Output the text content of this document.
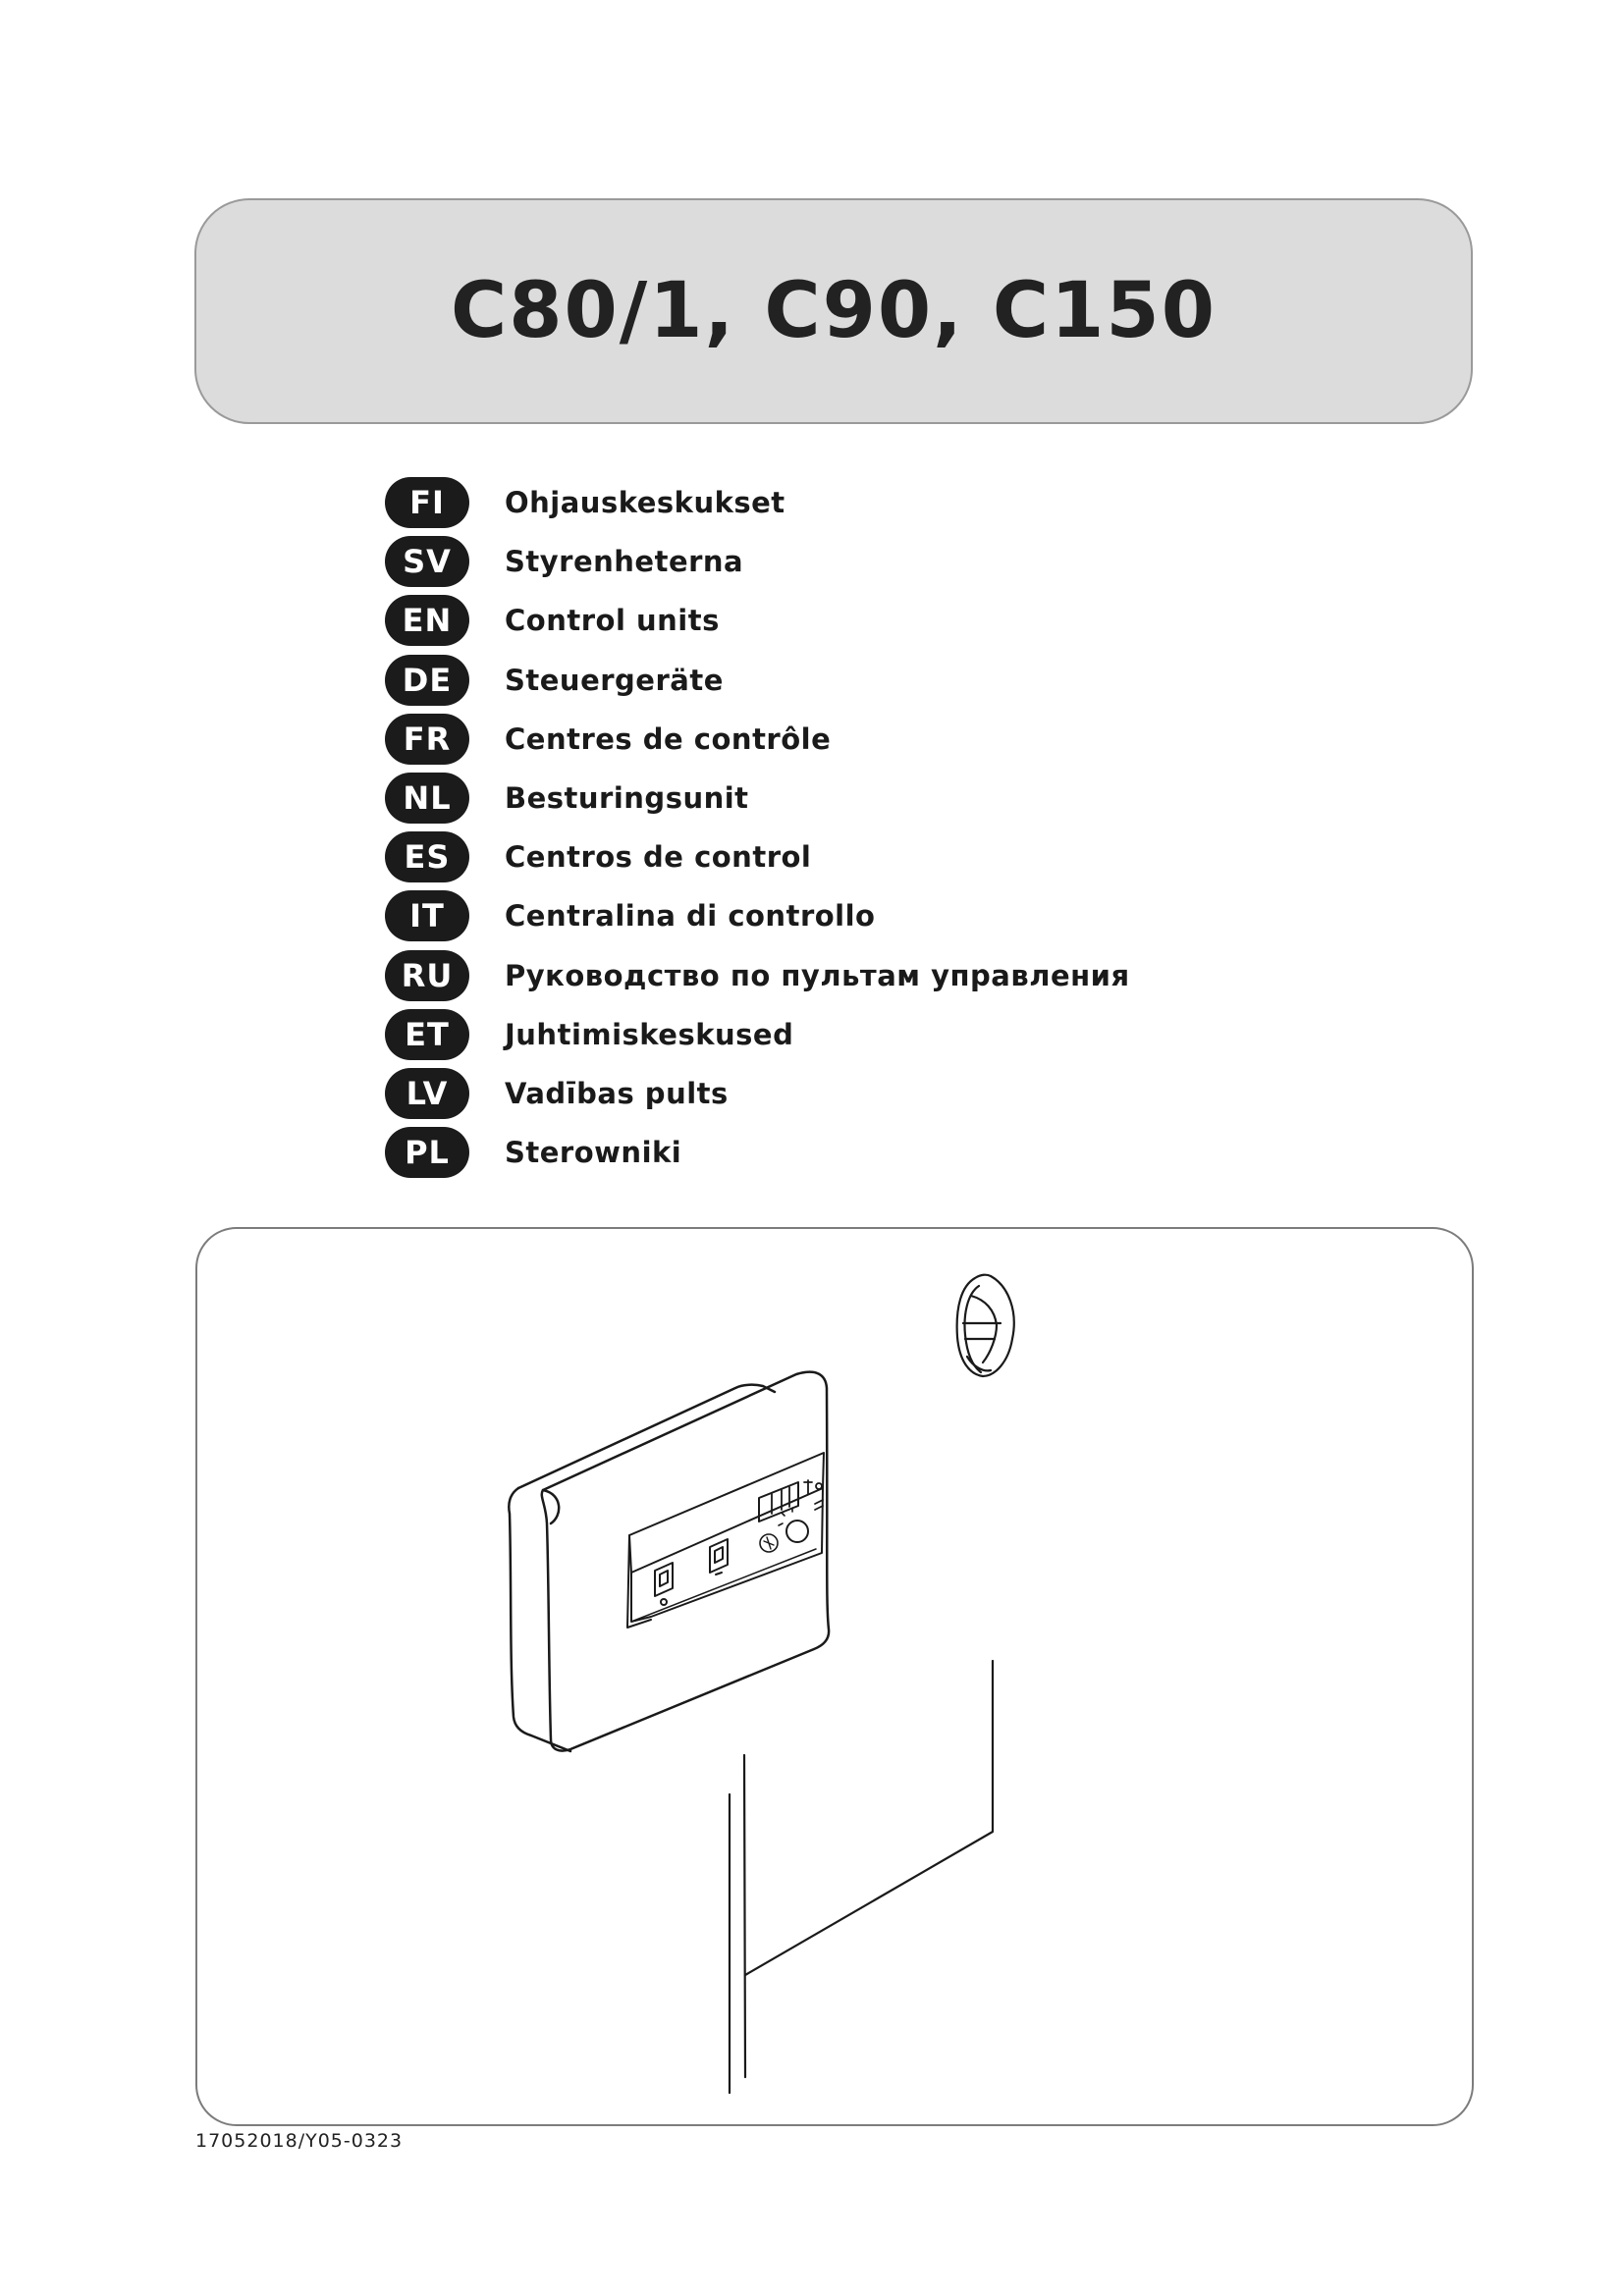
C80/1, C90, C150
FI	Ohjauskeskukset
SV	Styrenheterna
EN	Control units
DE	Steuergeräte
FR	Centres de contrôle
NL	Besturingsunit
ES	Centros de control
IT	Centralina di controllo
RU	Руководство по пультам управления
ET	Juhtimiskeskused
LV	Vadības pults
PL	Sterowniki
17052018/Y05-0323
